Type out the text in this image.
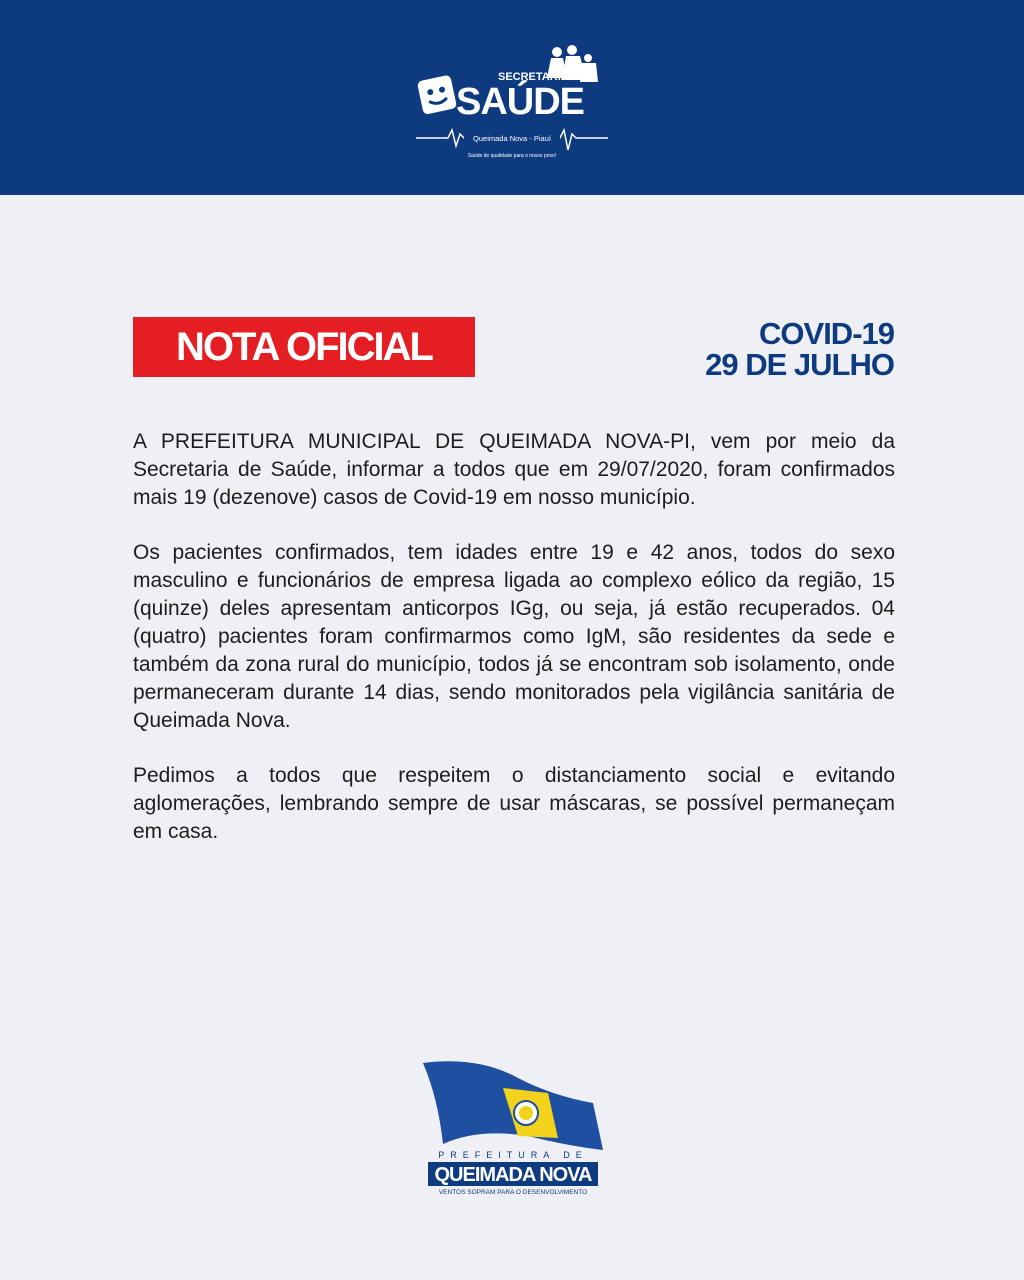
SECRETARIA DE
SAÚDE
Queimada Nova - Piauí
Saúde de qualidade para o nosso povo!
NOTA OFICIAL	COVID-19
29 DE JULHO

A PREFEITURA MUNICIPAL DE QUEIMADA NOVA-PI, vem por meio da Secretaria de Saúde, informar a todos que em 29/07/2020, foram confirmados mais 19 (dezenove) casos de Covid-19 em nosso município.

Os pacientes confirmados, tem idades entre 19 e 42 anos, todos do sexo masculino e funcionários de empresa ligada ao complexo eólico da região, 15 (quinze) deles apresentam anticorpos IGg, ou seja, já estão recuperados. 04 (quatro) pacientes foram confirmarmos como IgM, são residentes da sede e também da zona rural do município, todos já se encontram sob isolamento, onde permaneceram durante 14 dias, sendo monitorados pela vigilância sanitária de Queimada Nova.

Pedimos a todos que respeitem o distanciamento social e evitando aglomerações, lembrando sempre de usar máscaras, se possível permaneçam em casa.

PREFEITURA DE
QUEIMADA NOVA
VENTOS SOPRAM PARA O DESENVOLVIMENTO
